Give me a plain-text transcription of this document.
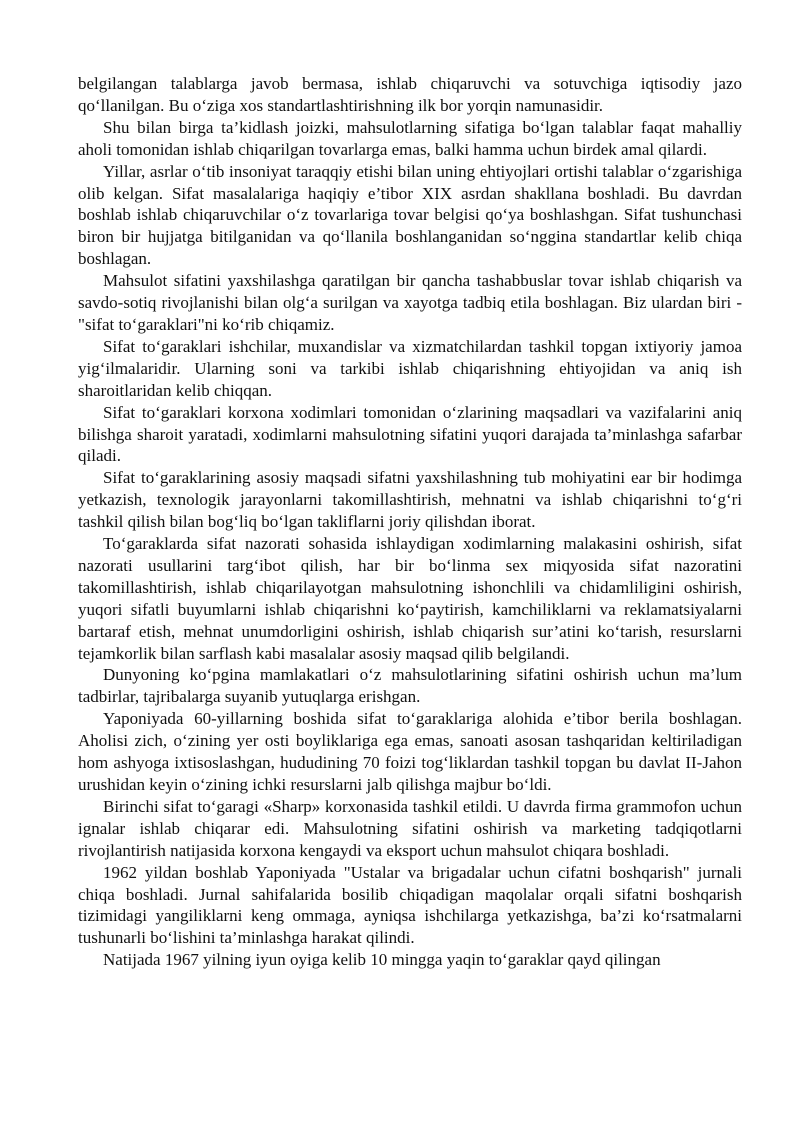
belgilangan talablarga javob bermasa, ishlab chiqaruvchi va sotuvchiga iqtisodiy jazo qo‘llanilgan. Bu o‘ziga xos standartlashtirishning ilk bor yorqin namunasidir.

Shu bilan birga ta’kidlash joizki, mahsulotlarning sifatiga bo‘lgan talablar faqat mahalliy aholi tomonidan ishlab chiqarilgan tovarlarga emas, balki hamma uchun birdek amal qilardi.

Yillar, asrlar o‘tib insoniyat taraqqiy etishi bilan uning ehtiyojlari ortishi talablar o‘zgarishiga olib kelgan. Sifat masalalariga haqiqiy e’tibor XIX asrdan shakllana boshladi. Bu davrdan boshlab ishlab chiqaruvchilar o‘z tovarlariga tovar belgisi qo‘ya boshlashgan. Sifat tushunchasi biron bir hujjatga bitilganidan va qo‘llanila boshlanganidan so‘nggina standartlar kelib chiqa boshlagan.

Mahsulot sifatini yaxshilashga qaratilgan bir qancha tashabbuslar tovar ishlab chiqarish va savdo-sotiq rivojlanishi bilan olg‘a surilgan va xayotga tadbiq etila boshlagan. Biz ulardan biri - "sifat to‘garaklari"ni ko‘rib chiqamiz.

Sifat to‘garaklari ishchilar, muxandislar va xizmatchilardan tashkil topgan ixtiyoriy jamoa yig‘ilmalaridir. Ularning soni va tarkibi ishlab chiqarishning ehtiyojidan va aniq ish sharoitlaridan kelib chiqqan.

Sifat to‘garaklari korxona xodimlari tomonidan o‘zlarining maqsadlari va vazifalarini aniq bilishga sharoit yaratadi, xodimlarni mahsulotning sifatini yuqori darajada ta’minlashga safarbar qiladi.

Sifat to‘garaklarining asosiy maqsadi sifatni yaxshilashning tub mohiyatini ear bir hodimga yetkazish, texnologik jarayonlarni takomillashtirish, mehnatni va ishlab chiqarishni to‘g‘ri tashkil qilish bilan bog‘liq bo‘lgan takliflarni joriy qilishdan iborat.

To‘garaklarda sifat nazorati sohasida ishlaydigan xodimlarning malakasini oshirish, sifat nazorati usullarini targ‘ibot qilish, har bir bo‘linma sex miqyosida sifat nazoratini takomillashtirish, ishlab chiqarilayotgan mahsulotning ishonchlili va chidamliligini oshirish, yuqori sifatli buyumlarni ishlab chiqarishni ko‘paytirish, kamchiliklarni va reklamatsiyalarni bartaraf etish, mehnat unumdorligini oshirish, ishlab chiqarish sur’atini ko‘tarish, resurslarni tejamkorlik bilan sarflash kabi masalalar asosiy maqsad qilib belgilandi.

Dunyoning ko‘pgina mamlakatlari o‘z mahsulotlarining sifatini oshirish uchun ma’lum tadbirlar, tajribalarga suyanib yutuqlarga erishgan.

Yaponiyada 60-yillarning boshida sifat to‘garaklariga alohida e’tibor berila boshlagan. Aholisi zich, o‘zining yer osti boyliklariga ega emas, sanoati asosan tashqaridan keltiriladigan hom ashyoga ixtisoslashgan, hududining 70 foizi tog‘liklardan tashkil topgan bu davlat II-Jahon urushidan keyin o‘zining ichki resurslarni jalb qilishga majbur bo‘ldi.

Birinchi sifat to‘garagi «Sharp» korxonasida tashkil etildi. U davrda firma grammofon uchun ignalar ishlab chiqarar edi. Mahsulotning sifatini oshirish va marketing tadqiqotlarni rivojlantirish natijasida korxona kengaydi va eksport uchun mahsulot chiqara boshladi.

1962 yildan boshlab Yaponiyada "Ustalar va brigadalar uchun cifatni boshqarish" jurnali chiqa boshladi. Jurnal sahifalarida bosilib chiqadigan maqolalar orqali sifatni boshqarish tizimidagi yangiliklarni keng ommaga, ayniqsa ishchilarga yetkazishga, ba’zi ko‘rsatmalarni tushunarli bo‘lishini ta’minlashga harakat qilindi.

Natijada 1967 yilning iyun oyiga kelib 10 mingga yaqin to‘garaklar qayd qilingan
